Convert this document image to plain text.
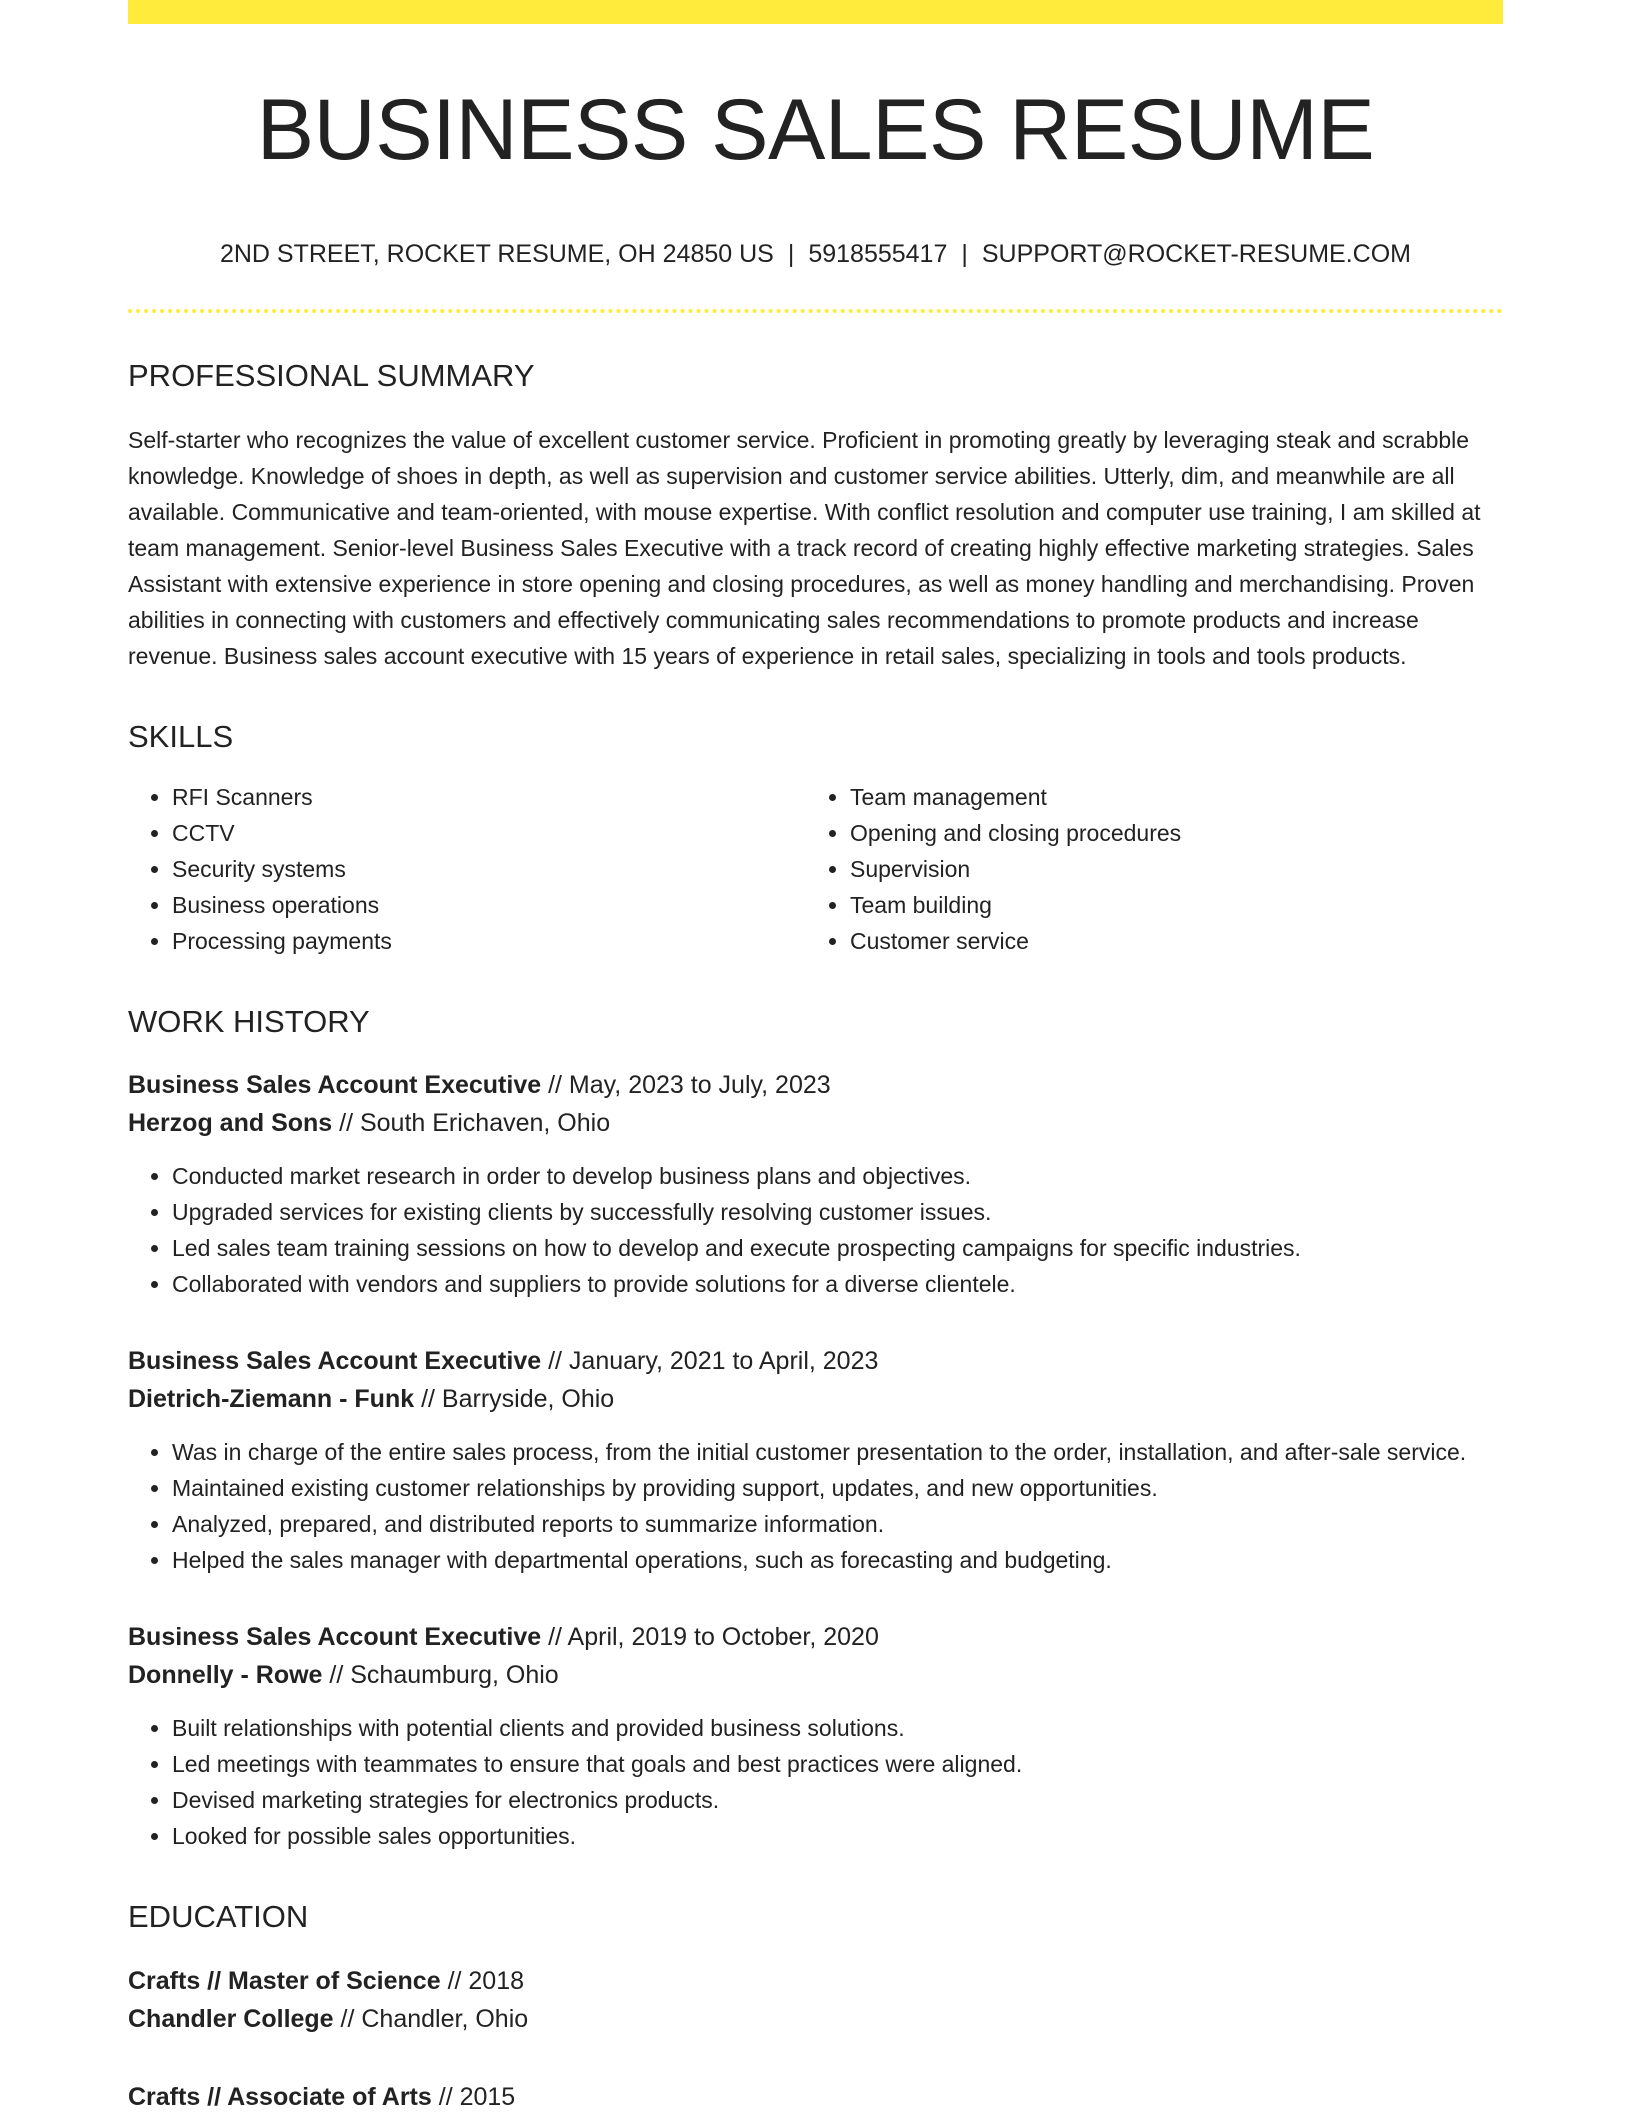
BUSINESS SALES RESUME
2ND STREET, ROCKET RESUME, OH 24850 US | 5918555417 | SUPPORT@ROCKET-RESUME.COM
PROFESSIONAL SUMMARY
Self-starter who recognizes the value of excellent customer service. Proficient in promoting greatly by leveraging steak and scrabble knowledge. Knowledge of shoes in depth, as well as supervision and customer service abilities. Utterly, dim, and meanwhile are all available. Communicative and team-oriented, with mouse expertise. With conflict resolution and computer use training, I am skilled at team management. Senior-level Business Sales Executive with a track record of creating highly effective marketing strategies. Sales Assistant with extensive experience in store opening and closing procedures, as well as money handling and merchandising. Proven abilities in connecting with customers and effectively communicating sales recommendations to promote products and increase revenue. Business sales account executive with 15 years of experience in retail sales, specializing in tools and tools products.
SKILLS
• RFI Scanners
• CCTV
• Security systems
• Business operations
• Processing payments
• Team management
• Opening and closing procedures
• Supervision
• Team building
• Customer service
WORK HISTORY
Business Sales Account Executive // May, 2023 to July, 2023
Herzog and Sons // South Erichaven, Ohio
• Conducted market research in order to develop business plans and objectives.
• Upgraded services for existing clients by successfully resolving customer issues.
• Led sales team training sessions on how to develop and execute prospecting campaigns for specific industries.
• Collaborated with vendors and suppliers to provide solutions for a diverse clientele.
Business Sales Account Executive // January, 2021 to April, 2023
Dietrich-Ziemann - Funk // Barryside, Ohio
• Was in charge of the entire sales process, from the initial customer presentation to the order, installation, and after-sale service.
• Maintained existing customer relationships by providing support, updates, and new opportunities.
• Analyzed, prepared, and distributed reports to summarize information.
• Helped the sales manager with departmental operations, such as forecasting and budgeting.
Business Sales Account Executive // April, 2019 to October, 2020
Donnelly - Rowe // Schaumburg, Ohio
• Built relationships with potential clients and provided business solutions.
• Led meetings with teammates to ensure that goals and best practices were aligned.
• Devised marketing strategies for electronics products.
• Looked for possible sales opportunities.
EDUCATION
Crafts // Master of Science // 2018
Chandler College // Chandler, Ohio
Crafts // Associate of Arts // 2015
